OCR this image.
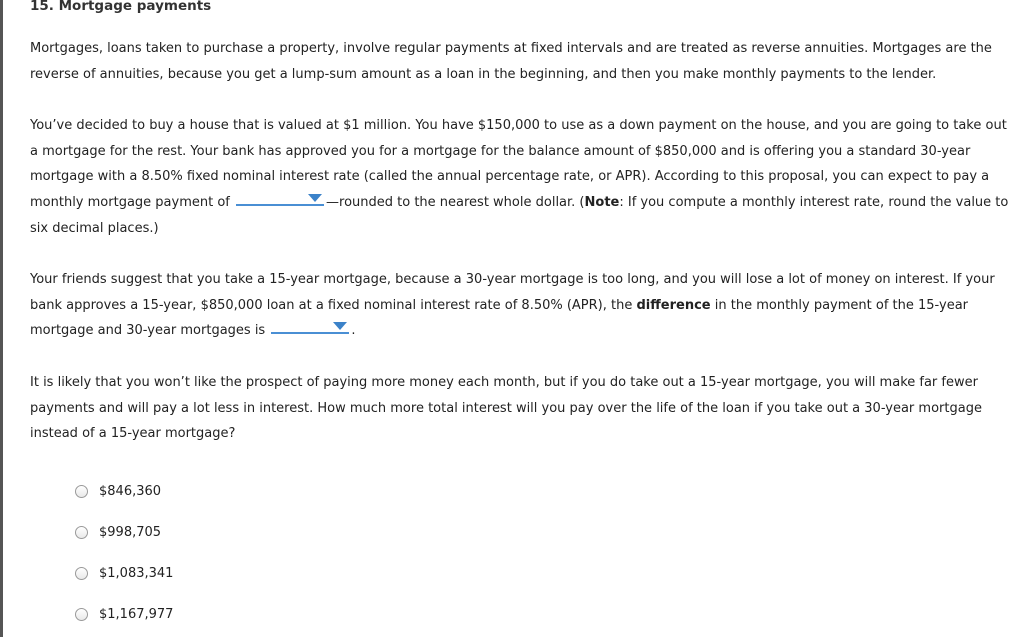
15. Mortgage payments

Mortgages, loans taken to purchase a property, involve regular payments at fixed intervals and are treated as reverse annuities. Mortgages are the reverse of annuities, because you get a lump-sum amount as a loan in the beginning, and then you make monthly payments to the lender.

You’ve decided to buy a house that is valued at $1 million. You have $150,000 to use as a down payment on the house, and you are going to take out a mortgage for the rest. Your bank has approved you for a mortgage for the balance amount of $850,000 and is offering you a standard 30-year mortgage with a 8.50% fixed nominal interest rate (called the annual percentage rate, or APR). According to this proposal, you can expect to pay a monthly mortgage payment of	—rounded to the nearest whole dollar. (Note: If you compute a monthly interest rate, round the value to six decimal places.)

Your friends suggest that you take a 15-year mortgage, because a 30-year mortgage is too long, and you will lose a lot of money on interest. If your bank approves a 15-year, $850,000 loan at a fixed nominal interest rate of 8.50% (APR), the difference in the monthly payment of the 15-year mortgage and 30-year mortgages is	.

It is likely that you won’t like the prospect of paying more money each month, but if you do take out a 15-year mortgage, you will make far fewer payments and will pay a lot less in interest. How much more total interest will you pay over the life of the loan if you take out a 30-year mortgage instead of a 15-year mortgage?

$846,360
$998,705
$1,083,341
$1,167,977
